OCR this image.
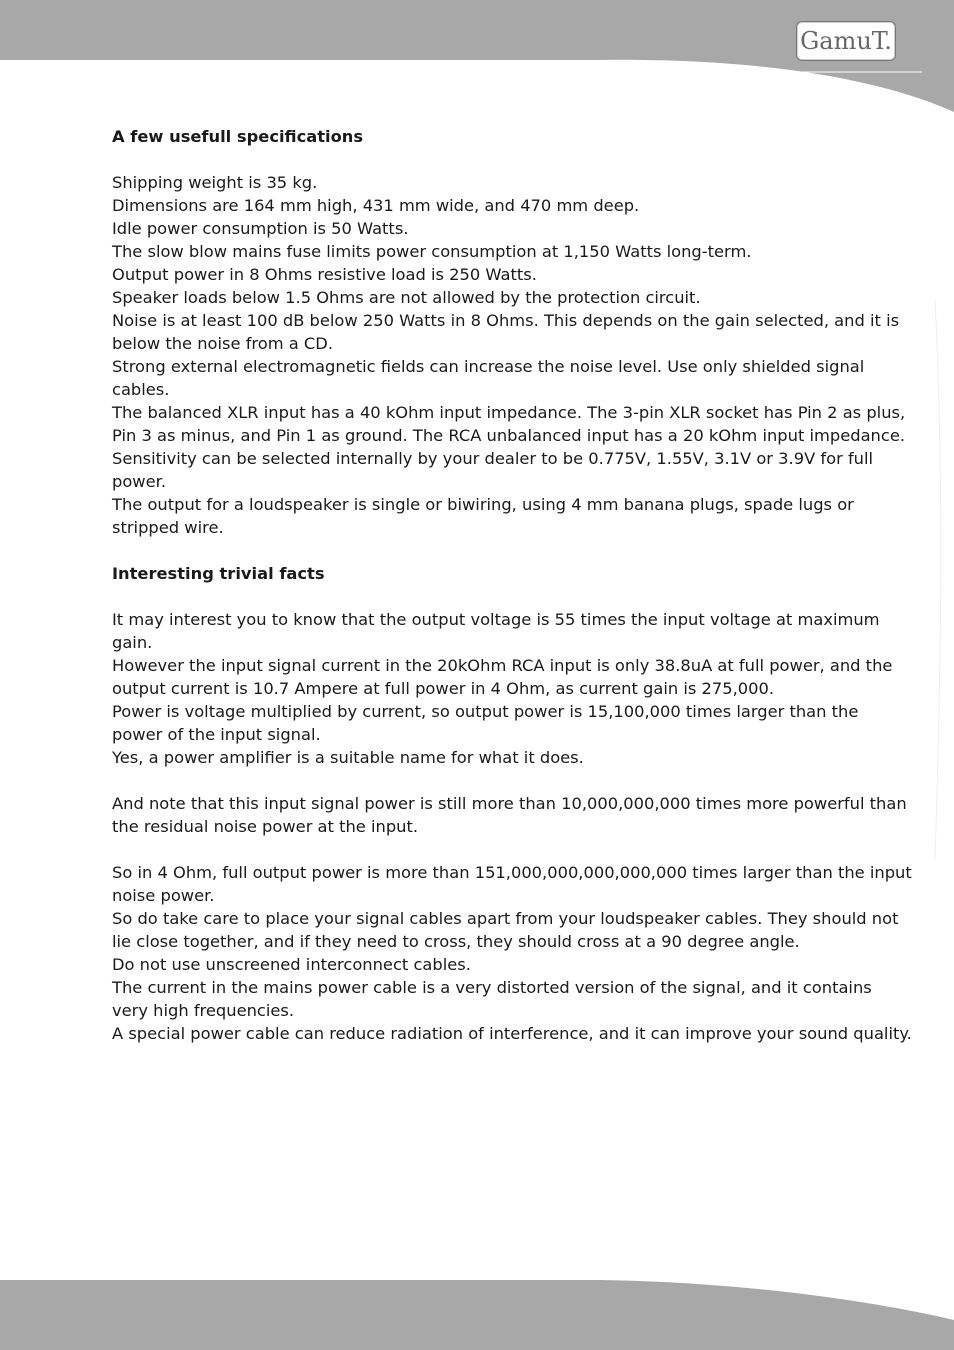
GamuT.

A few usefull specifications

Shipping weight is 35 kg.

Dimensions are 164 mm high, 431 mm wide, and 470 mm deep.

Idle power consumption is 50 Watts.

The slow blow mains fuse limits power consumption at 1,150 Watts long-term.

Output power in 8 Ohms resistive load is 250 Watts.

Speaker loads below 1.5 Ohms are not allowed by the protection circuit.

Noise is at least 100 dB below 250 Watts in 8 Ohms. This depends on the gain selected, and it is below the noise from a CD.

Strong external electromagnetic fields can increase the noise level. Use only shielded signal cables.

The balanced XLR input has a 40 kOhm input impedance. The 3-pin XLR socket has Pin 2 as plus, Pin 3 as minus, and Pin 1 as ground. The RCA unbalanced input has a 20 kOhm input impedance.

Sensitivity can be selected internally by your dealer to be 0.775V, 1.55V, 3.1V or 3.9V for full power.

The output for a loudspeaker is single or biwiring, using 4 mm banana plugs, spade lugs or stripped wire.

Interesting trivial facts

It may interest you to know that the output voltage is 55 times the input voltage at maximum gain.

However the input signal current in the 20kOhm RCA input is only 38.8uA at full power, and the output current is 10.7 Ampere at full power in 4 Ohm, as current gain is 275,000.

Power is voltage multiplied by current, so output power is 15,100,000 times larger than the power of the input signal.

Yes, a power amplifier is a suitable name for what it does.

And note that this input signal power is still more than 10,000,000,000 times more powerful than the residual noise power at the input.

So in 4 Ohm, full output power is more than 151,000,000,000,000,000 times larger than the input noise power.

So do take care to place your signal cables apart from your loudspeaker cables. They should not lie close together, and if they need to cross, they should cross at a 90 degree angle.

Do not use unscreened interconnect cables.

The current in the mains power cable is a very distorted version of the signal, and it contains very high frequencies.

A special power cable can reduce radiation of interference, and it can improve your sound quality.
